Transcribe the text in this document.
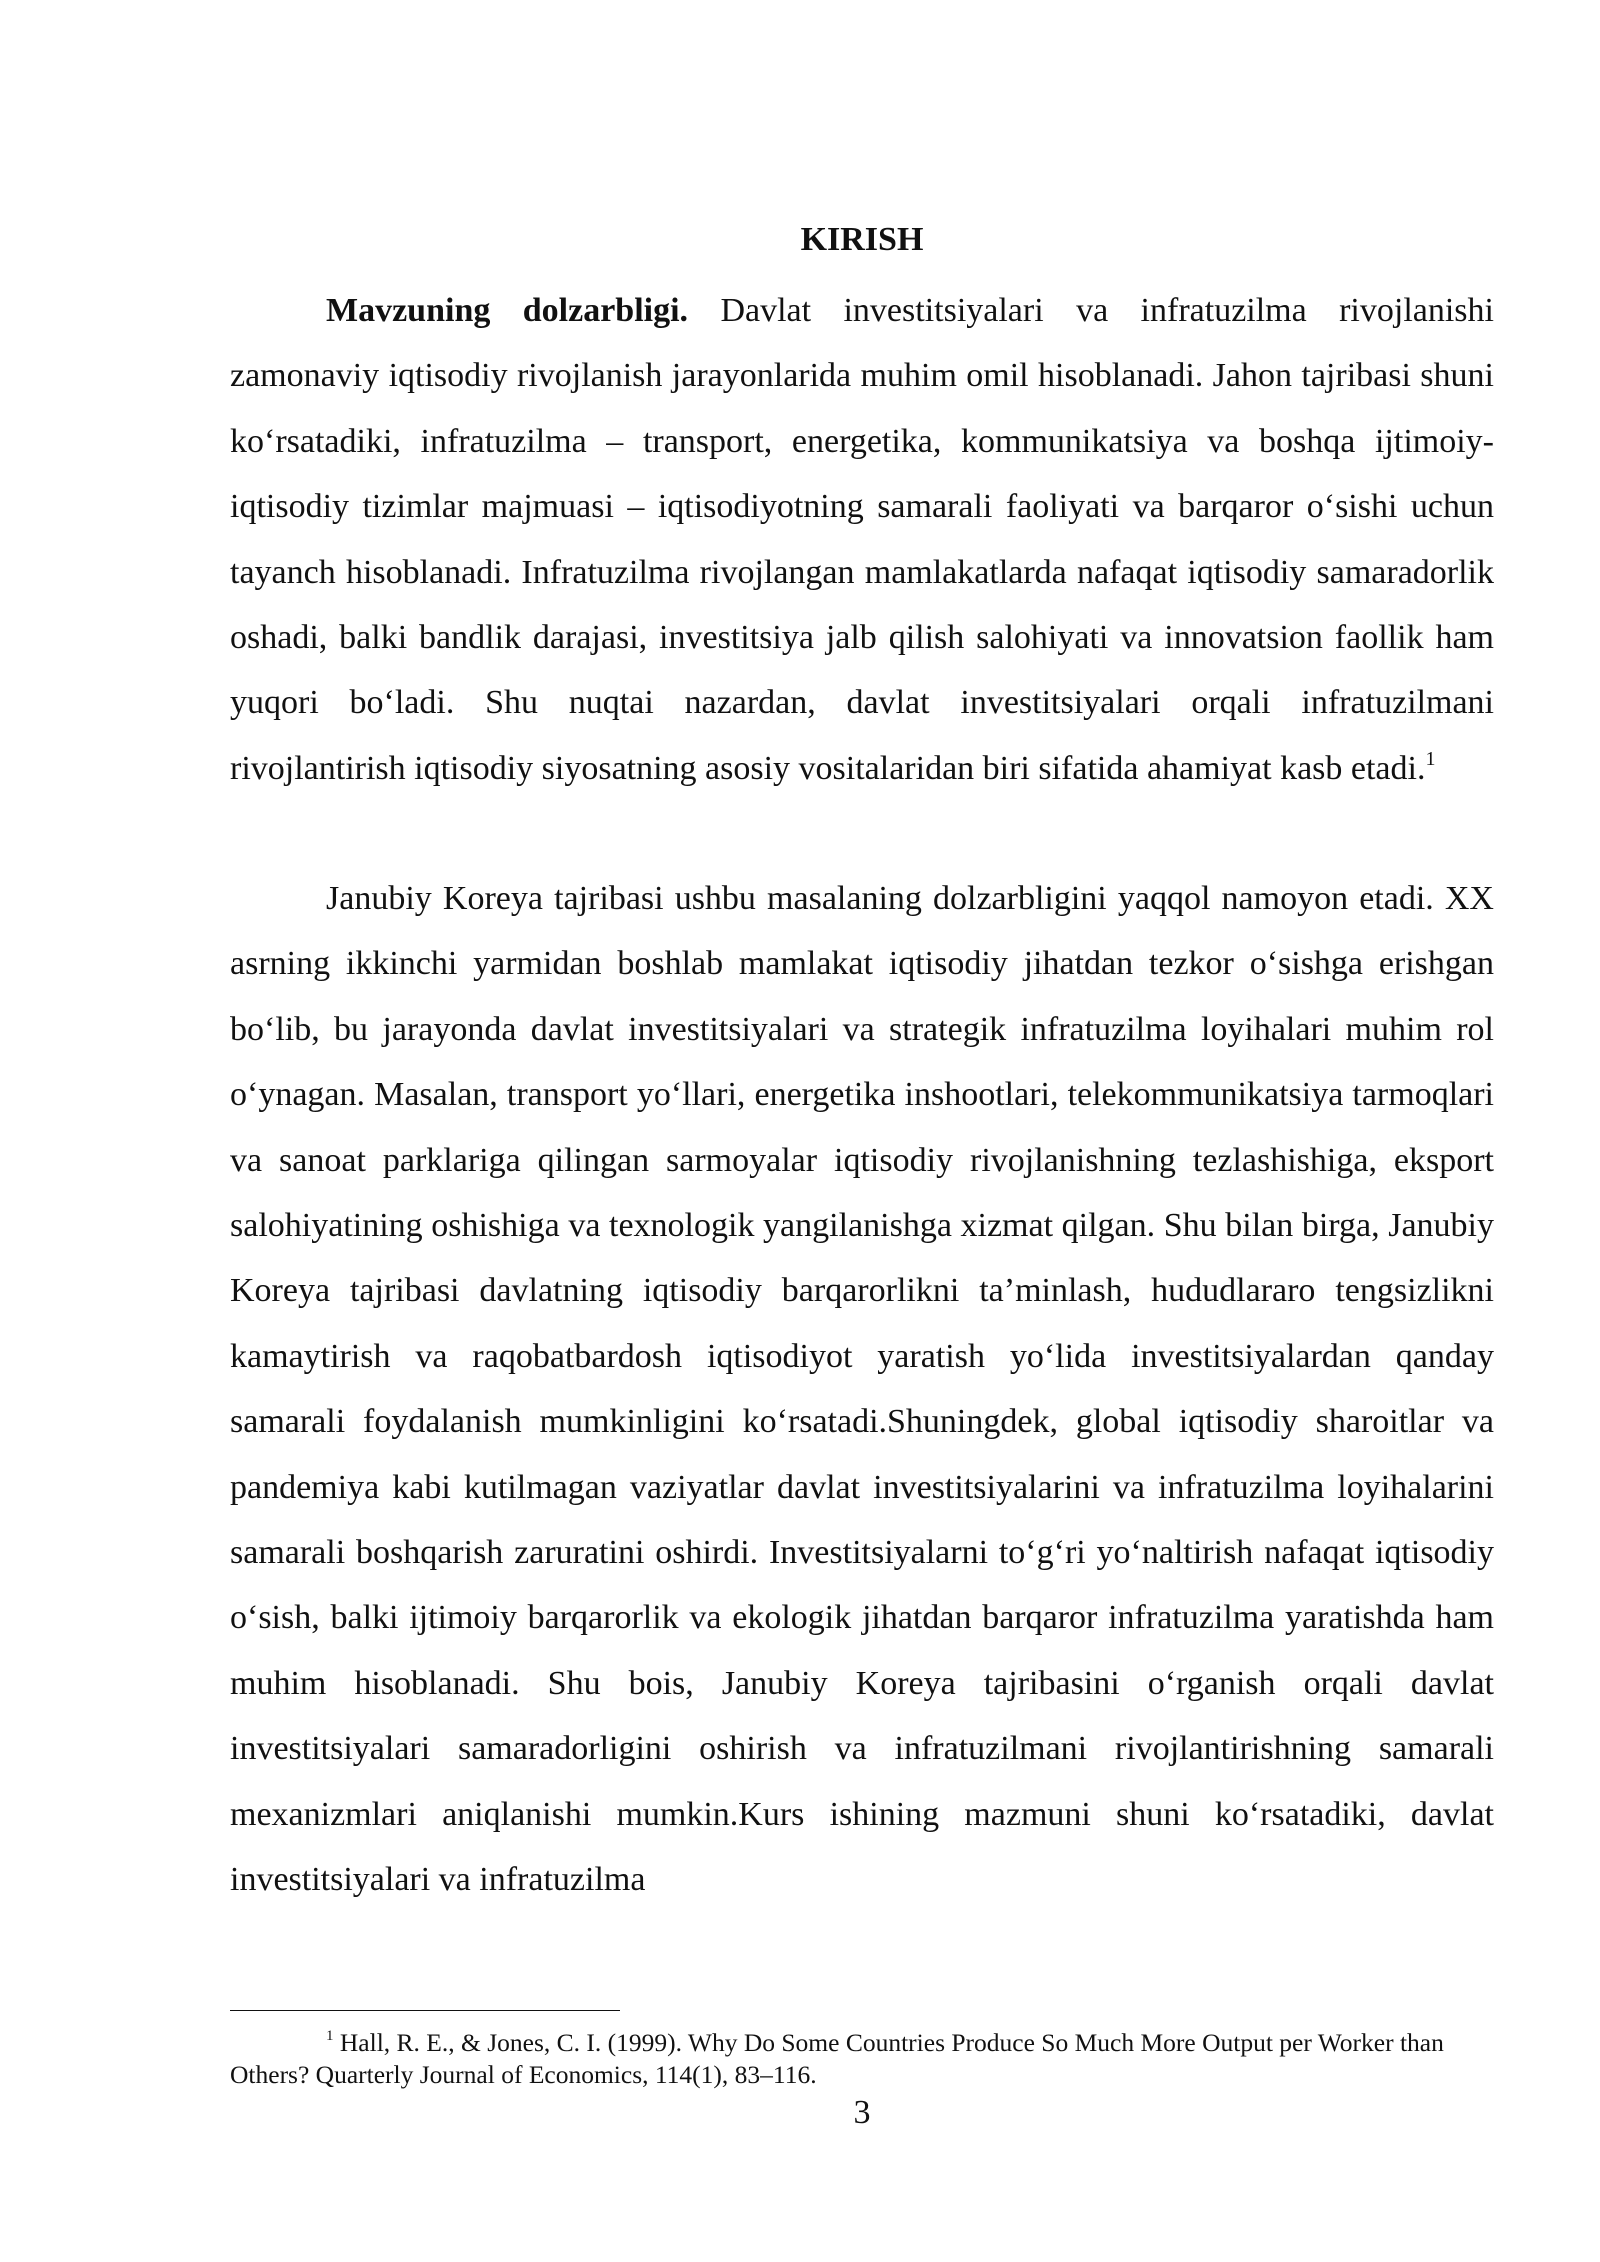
KIRISH

Mavzuning dolzarbligi. Davlat investitsiyalari va infratuzilma rivojlanishi zamonaviy iqtisodiy rivojlanish jarayonlarida muhim omil hisoblanadi. Jahon tajribasi shuni ko‘rsatadiki, infratuzilma – transport, energetika, kommunikatsiya va boshqa ijtimoiy-iqtisodiy tizimlar majmuasi – iqtisodiyotning samarali faoliyati va barqaror o‘sishi uchun tayanch hisoblanadi. Infratuzilma rivojlangan mamlakatlarda nafaqat iqtisodiy samaradorlik oshadi, balki bandlik darajasi, investitsiya jalb qilish salohiyati va innovatsion faollik ham yuqori bo‘ladi. Shu nuqtai nazardan, davlat investitsiyalari orqali infratuzilmani rivojlantirish iqtisodiy siyosatning asosiy vositalaridan biri sifatida ahamiyat kasb etadi.$^1$

Janubiy Koreya tajribasi ushbu masalaning dolzarbligini yaqqol namoyon etadi. XX asrning ikkinchi yarmidan boshlab mamlakat iqtisodiy jihatdan tezkor o‘sishga erishgan bo‘lib, bu jarayonda davlat investitsiyalari va strategik infratuzilma loyihalari muhim rol o‘ynagan. Masalan, transport yo‘llari, energetika inshootlari, telekommunikatsiya tarmoqlari va sanoat parklariga qilingan sarmoyalar iqtisodiy rivojlanishning tezlashishiga, eksport salohiyatining oshishiga va texnologik yangilanishga xizmat qilgan. Shu bilan birga, Janubiy Koreya tajribasi davlatning iqtisodiy barqarorlikni ta’minlash, hududlararo tengsizlikni kamaytirish va raqobatbardosh iqtisodiyot yaratish yo‘lida investitsiyalardan qanday samarali foydalanish mumkinligini ko‘rsatadi.Shuningdek, global iqtisodiy sharoitlar va pandemiya kabi kutilmagan vaziyatlar davlat investitsiyalarini va infratuzilma loyihalarini samarali boshqarish zaruratini oshirdi. Investitsiyalarni to‘g‘ri yo‘naltirish nafaqat iqtisodiy o‘sish, balki ijtimoiy barqarorlik va ekologik jihatdan barqaror infratuzilma yaratishda ham muhim hisoblanadi. Shu bois, Janubiy Koreya tajribasini o‘rganish orqali davlat investitsiyalari samaradorligini oshirish va infratuzilmani rivojlantirishning samarali mexanizmlari aniqlanishi mumkin.Kurs ishining mazmuni shuni ko‘rsatadiki, davlat investitsiyalari va infratuzilma

$^1$ Hall, R. E., & Jones, C. I. (1999). Why Do Some Countries Produce So Much More Output per Worker than Others? Quarterly Journal of Economics, 114(1), 83–116.

3
